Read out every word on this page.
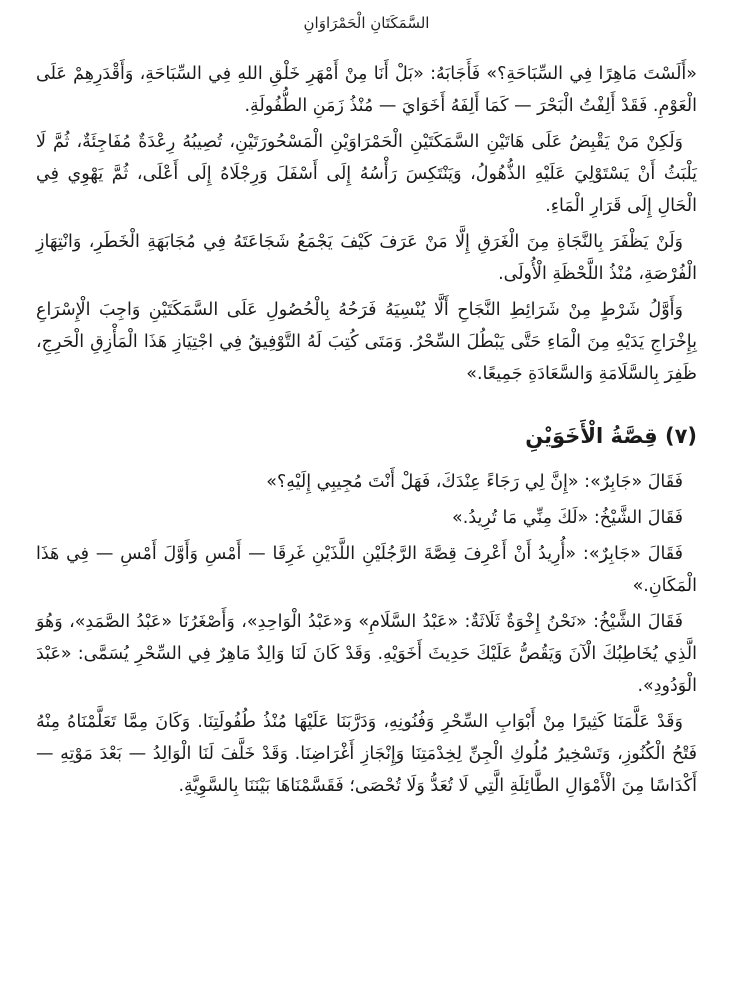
السَّمَكَتَانِ الْحَمْرَاوَانِ

«أَلَسْتَ مَاهِرًا فِي السِّبَاحَةِ؟» فَأَجَابَهُ: «بَلْ أَنَا مِنْ أَمْهَرِ خَلْقِ اللهِ فِي السِّبَاحَةِ، وَأَقْدَرِهِمْ عَلَى الْعَوْمِ. فَقَدْ أَلِفْتُ الْبَحْرَ — كَمَا أَلِفَهُ أَخَوَايَ — مُنْذُ زَمَنِ الطُّفُولَةِ.

وَلَكِنْ مَنْ يَقْبِضُ عَلَى هَاتَيْنِ السَّمَكَتَيْنِ الْحَمْرَاوَيْنِ الْمَسْحُورَتَيْنِ، تُصِيبُهُ رِعْدَةٌ مُفَاجِئَةٌ، ثُمَّ لَا يَلْبَثُ أَنْ يَسْتَوْلِيَ عَلَيْهِ الذُّهُولُ، وَيَنْتَكِسَ رَأْسُهُ إِلَى أَسْفَلَ وَرِجْلَاهُ إِلَى أَعْلَى، ثُمَّ يَهْوِي فِي الْحَالِ إِلَى قَرَارِ الْمَاءِ.

وَلَنْ يَظْفَرَ بِالنَّجَاةِ مِنَ الْغَرَقِ إِلَّا مَنْ عَرَفَ كَيْفَ يَجْمَعُ شَجَاعَتَهُ فِي مُجَابَهَةِ الْخَطَرِ، وَانْتِهَازِ الْفُرْصَةِ، مُنْذُ اللَّحْظَةِ الْأُولَى.

وَأَوَّلُ شَرْطٍ مِنْ شَرَائِطِ النَّجَاحِ أَلَّا يُنْسِيَهُ فَرَحُهُ بِالْحُصُولِ عَلَى السَّمَكَتَيْنِ وَاجِبَ الْإِسْرَاعِ بِإِخْرَاجِ يَدَيْهِ مِنَ الْمَاءِ حَتَّى يَبْطُلَ السِّحْرُ. وَمَتَى كُتِبَ لَهُ التَّوْفِيقُ فِي اجْتِيَازِ هَذَا الْمَأْزِقِ الْحَرِجِ، ظَفِرَ بِالسَّلَامَةِ وَالسَّعَادَةِ جَمِيعًا.»

(٧) قِصَّةُ الْأَخَوَيْنِ

فَقَالَ «جَابِرٌ»: «إِنَّ لِي رَجَاءً عِنْدَكَ، فَهَلْ أَنْتَ مُجِيبِي إِلَيْهِ؟»

فَقَالَ الشَّيْخُ: «لَكَ مِنِّي مَا تُرِيدُ.»

فَقَالَ «جَابِرٌ»: «أُرِيدُ أَنْ أَعْرِفَ قِصَّةَ الرَّجُلَيْنِ اللَّذَيْنِ غَرِقَا — أَمْسِ وَأَوَّلَ أَمْسِ — فِي هَذَا الْمَكَانِ.»

فَقَالَ الشَّيْخُ: «نَحْنُ إِخْوَةٌ ثَلَاثَةٌ: «عَبْدُ السَّلَامِ» وَ«عَبْدُ الْوَاحِدِ»، وَأَصْغَرُنَا «عَبْدُ الصَّمَدِ»، وَهُوَ الَّذِي يُخَاطِبُكَ الْآنَ وَيَقُصُّ عَلَيْكَ حَدِيثَ أَخَوَيْهِ. وَقَدْ كَانَ لَنَا وَالِدٌ مَاهِرٌ فِي السِّحْرِ يُسَمَّى: «عَبْدَ الْوَدُودِ».

وَقَدْ عَلَّمَنَا كَثِيرًا مِنْ أَبْوَابِ السِّحْرِ وَفُنُونِهِ، وَدَرَّبَنَا عَلَيْهَا مُنْذُ طُفُولَتِنَا. وَكَانَ مِمَّا تَعَلَّمْنَاهُ مِنْهُ فَتْحُ الْكُنُوزِ، وَتَسْخِيرُ مُلُوكِ الْجِنِّ لِخِدْمَتِنَا وَإِنْجَازِ أَغْرَاضِنَا. وَقَدْ خَلَّفَ لَنَا الْوَالِدُ — بَعْدَ مَوْتِهِ — أَكْدَاسًا مِنَ الْأَمْوَالِ الطَّائِلَةِ الَّتِي لَا تُعَدُّ وَلَا تُحْصَى؛ فَقَسَّمْنَاهَا بَيْنَنَا بِالسَّوِيَّةِ.
